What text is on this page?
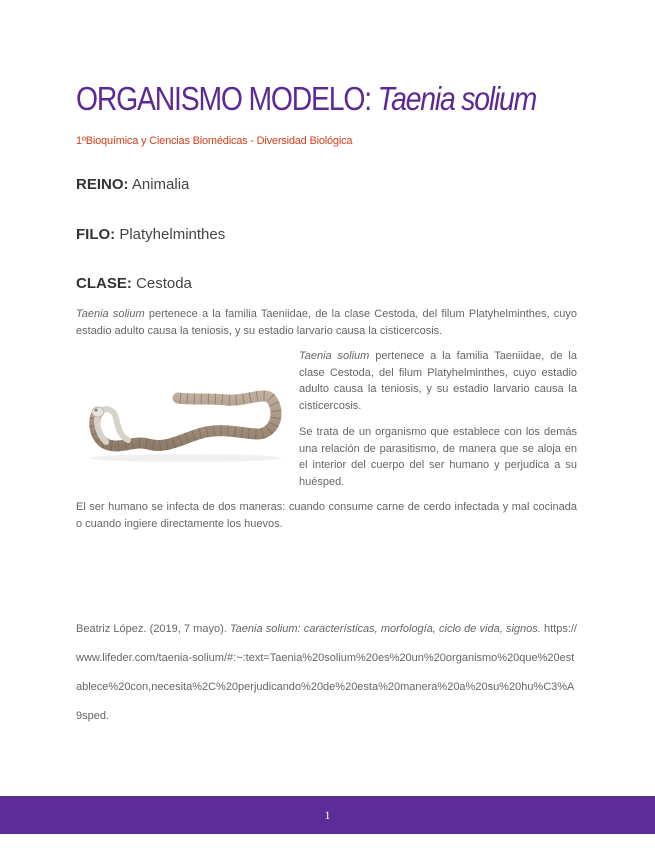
ORGANISMO MODELO: Taenia solium
1ºBioquímica y Ciencias Biomédicas - Diversidad Biológica
REINO: Animalia
FILO: Platyhelminthes
CLASE: Cestoda

Taenia solium pertenece a la familia Taeniidae, de la clase Cestoda, del filum Platyhelminthes, cuyo estadio adulto causa la teniosis, y su estadio larvario causa la cisticercosis.

Taenia solium pertenece a la familia Taeniidae, de la clase Cestoda, del filum Platyhelminthes, cuyo estadio adulto causa la teniosis, y su estadio larvario causa la cisticercosis.

Se trata de un organismo que establece con los demás una relación de parasitismo, de manera que se aloja en el interior del cuerpo del ser humano y perjudica a su huésped.

El ser humano se infecta de dos maneras: cuando consume carne de cerdo infectada y mal cocinada o cuando ingiere directamente los huevos.

Beatriz López. (2019, 7 mayo). Taenia solium: características, morfología, ciclo de vida, signos. https://www.lifeder.com/taenia-solium/#:~:text=Taenia%20solium%20es%20un%20organismo%20que%20establece%20con,necesita%2C%20perjudicando%20de%20esta%20manera%20a%20su%20hu%C3%A9sped.

1
